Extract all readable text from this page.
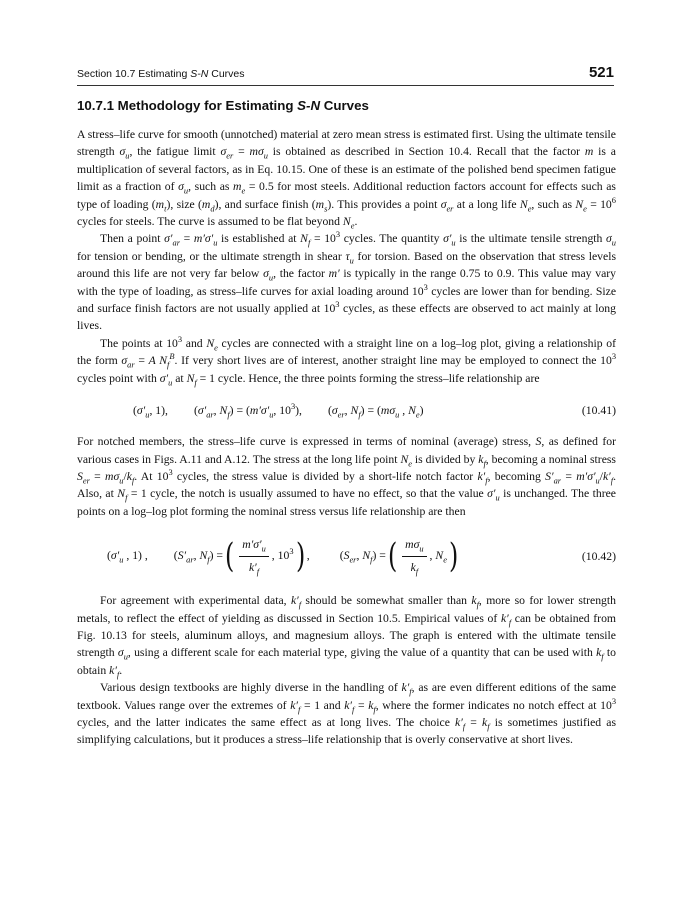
Section 10.7 Estimating S-N Curves	521
10.7.1 Methodology for Estimating S-N Curves

A stress–life curve for smooth (unnotched) material at zero mean stress is estimated first. Using the ultimate tensile strength $\sigma_u$, the fatigue limit $\sigma_{er} = m\sigma_u$ is obtained as described in Section 10.4. Recall that the factor m is a multiplication of several factors, as in Eq. 10.15. One of these is an estimate of the polished bend specimen fatigue limit as a fraction of $\sigma_u$, such as $m_e = 0.5$ for most steels. Additional reduction factors account for effects such as type of loading $(m_t)$, size $(m_d)$, and surface finish $(m_s)$. This provides a point $\sigma_{er}$ at a long life $N_e$, such as $N_e = 10^6$ cycles for steels. The curve is assumed to be flat beyond $N_e$.

Then a point $\sigma'_{ar} = m'\sigma'_u$ is established at $N_f = 10^3$ cycles. The quantity $\sigma'_u$ is the ultimate tensile strength $\sigma_u$ for tension or bending, or the ultimate strength in shear $\tau_u$ for torsion. Based on the observation that stress levels around this life are not very far below $\sigma_u$, the factor m′ is typically in the range 0.75 to 0.9. This value may vary with the type of loading, as stress–life curves for axial loading around $10^3$ cycles are lower than for bending. Size and surface finish factors are not usually applied at $10^3$ cycles, as these effects are observed to act mainly at long lives.

The points at $10^3$ and $N_e$ cycles are connected with a straight line on a log–log plot, giving a relationship of the form $\sigma_{ar} = A$ $N_f^B$. If very short lives are of interest, another straight line may be employed to connect the $10^3$ cycles point with $\sigma'_u$ at $N_f = 1$ cycle. Hence, the three points forming the stress–life relationship are

($\sigma'_u$, 1), ($\sigma'_{ar}$, $N_f) = (m'\sigma'_u$, $10^3$), ($\sigma_{er}$, $N_f) = (m\sigma_u$ , $N_e$)	(10.41)

For notched members, the stress–life curve is expressed in terms of nominal (average) stress, S, as defined for various cases in Figs. A.11 and A.12. The stress at the long life point $N_e$ is divided by $k_f$, becoming a nominal stress $S_{er} = m\sigma_u/k_f$. At $10^3$ cycles, the stress value is divided by a short-life notch factor $k'_f$, becoming $S'_{ar} = m'\sigma'_u/k'_f$. Also, at $N_f = 1$ cycle, the notch is usually assumed to have no effect, so that the value $\sigma'_u$ is unchanged. The three points on a log–log plot forming the nominal stress versus life relationship are then

($\sigma'_u$ , 1) , ($S'_{ar}$, $N_f$) = ( $\frac{m'\sigma'_u}{k'_f}$ , $10^3$ ) ,	($S_{er}$, $N_f$) = ( $\frac{m\sigma_u}{k_f}$ , $N_e$ )	(10.42)

For agreement with experimental data, $k'_f$ should be somewhat smaller than $k_f$, more so for lower strength metals, to reflect the effect of yielding as discussed in Section 10.5. Empirical values of $k'_f$ can be obtained from Fig. 10.13 for steels, aluminum alloys, and magnesium alloys. The graph is entered with the ultimate tensile strength $\sigma_u$, using a different scale for each material type, giving the value of a quantity that can be used with $k_f$ to obtain $k'_f$.

Various design textbooks are highly diverse in the handling of $k'_f$, as are even different editions of the same textbook. Values range over the extremes of $k'_f = 1$ and $k'_f = k_f$, where the former indicates no notch effect at $10^3$ cycles, and the latter indicates the same effect as at long lives. The choice $k'_f = k_f$ is sometimes justified as simplifying calculations, but it produces a stress–life relationship that is overly conservative at short lives.
